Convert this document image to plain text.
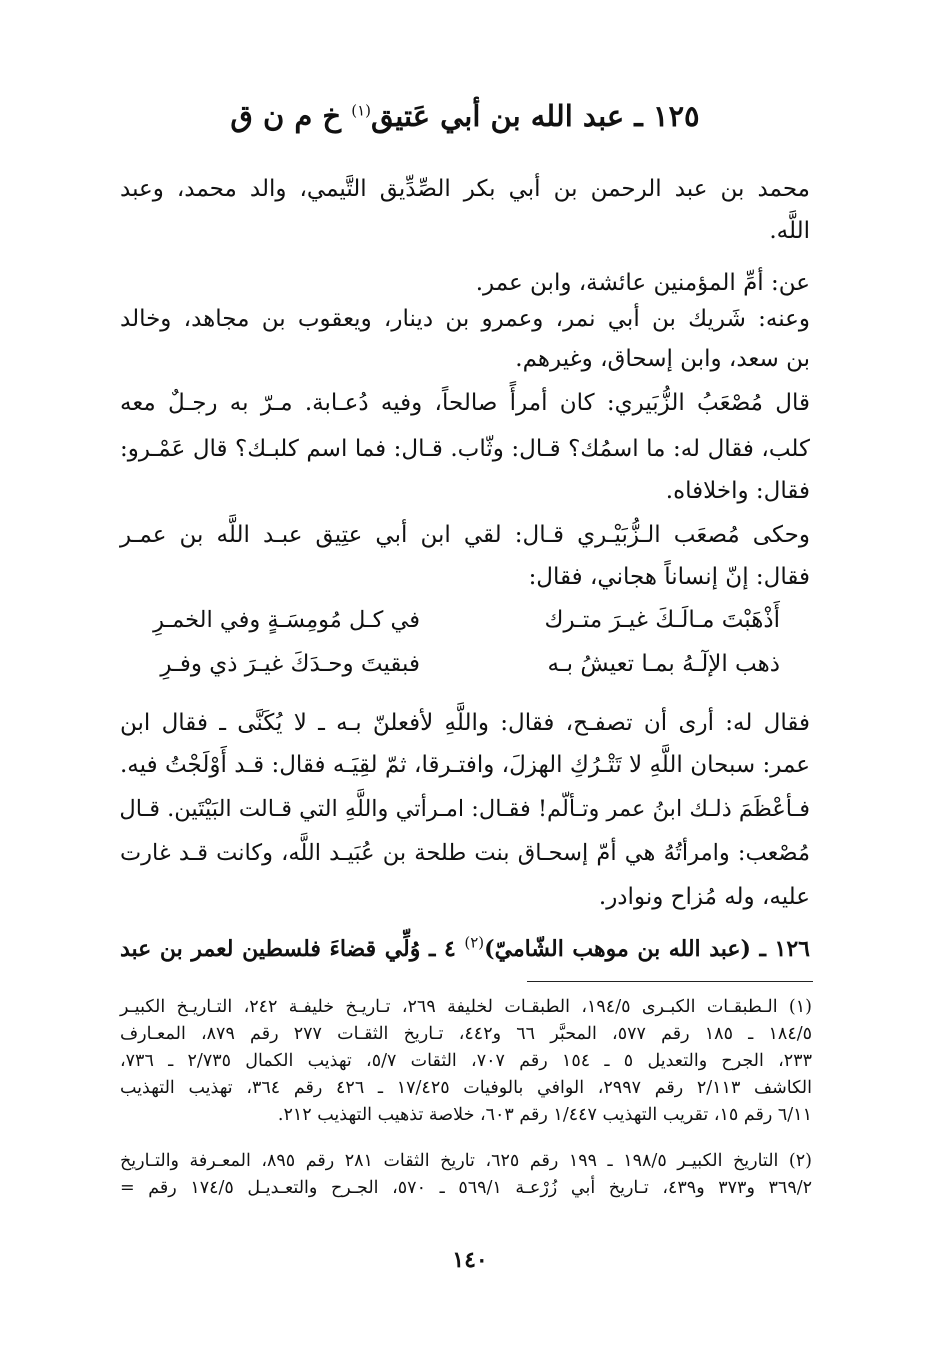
١٢٥ ـ عبد الله بن أبي عَتيق$^{(١)}$ خ م ن ق
محمد بن عبد الرحمن بن أبي بكر الصِّدِّيق التَّيمي، والد محمد، وعبد
اللَّه.
عن: أمِّ المؤمنين عائشة، وابن عمر.
وعنه: شَريك بن أبي نمر، وعمرو بن دينار، ويعقوب بن مجاهد، وخالد
بن سعد، وابن إسحاق، وغيرهم.
قال مُصْعَبُ الزُّبَيري: كان أمرأً صالحاً، وفيه دُعـابة. مـرّ به رجـلٌ معه
كلب، فقال له: ما اسمُك؟ قـال: وثّاب. قـال: فما اسم كلبـك؟ قال عَمْـرو:
فقال: واخلافاه.
وحكى مُصعَب الـزُّبَيْـري قـال: لقي ابن أبي عتِيق عبـد اللَّه بن عمـر
فقال: إنّ إنساناً هجاني، فقال:
أَذْهَبْتَ مـالَـكَ غيـرَ متـرك
في كـل مُومِسَـةٍ وفي الخمـرِ
ذهب الإلٓـهُ بمـا تعيشُ بـه
فبقيتَ وحـدَكَ غيـرَ ذي وفـرِ
فقال له: أرى أن تصفـح، فقال: واللَّهِ لأفعلنّ بـه ـ لا يُكَنَّى ـ فقال ابن
عمر: سبحان اللَّهِ لا تَتْـرُكِ الهزلَ، وافتـرقا، ثمّ لقِيَـه فقال: قـد أَوْلَجْتُ فيه.
فـأعْظَمَ ذلـك ابنُ عمر وتـألّم! فقـال: امـرأتي واللَّهِ التي قـالت البَيْتَين. قـال
مُصْعب: وامرأتُهُ هي أمّ إسحـاق بنت طلحة بن عُبَيـد اللَّه، وكانت قـد غارت
عليه، وله مُزاح ونوادر.
١٢٦ ـ (عبد الله بن موهب الشّاميّ)$^{(٢)}$ ٤ ـ وُلِّي قضاءَ فلسطين لعمر بن عبد
(١) الـطبقـات الكبـرى ١٩٤/٥، الطبقـات لخليفة ٢٦٩، تـاريـخ خليفـة ٢٤٢، التـاريـخ الكبيـر
١٨٤/٥ ـ ١٨٥ رقم ٥٧٧، المحبَّر ٦٦ و٤٤٢، تـاريخ الثقـات ٢٧٧ رقم ٨٧٩، المعـارف
٢٣٣، الجرح والتعديل ٥ ـ ١٥٤ رقم ٧٠٧، الثقات ٥/٧، تهذيب الكمال ٢/٧٣٥ ـ ٧٣٦،
الكاشف ٢/١١٣ رقم ٢٩٩٧، الوافي بالوفيات ١٧/٤٢٥ ـ ٤٢٦ رقم ٣٦٤، تهذيب التهذيب
٦/١١ رقم ١٥، تقريب التهذيب ١/٤٤٧ رقم ٦٠٣، خلاصة تذهيب التهذيب ٢١٢.
(٢) التاريخ الكبيـر ١٩٨/٥ ـ ١٩٩ رقم ٦٢٥، تاريخ الثقات ٢٨١ رقم ٨٩٥، المعـرفة والتـاريخ
٣٦٩/٢ و٣٧٣ و٤٣٩، تـاريخ أبي زُرْعـة ٥٦٩/١ ـ ٥٧٠، الجـرح والتعـديـل ١٧٤/٥ رقم =
١٤٠
